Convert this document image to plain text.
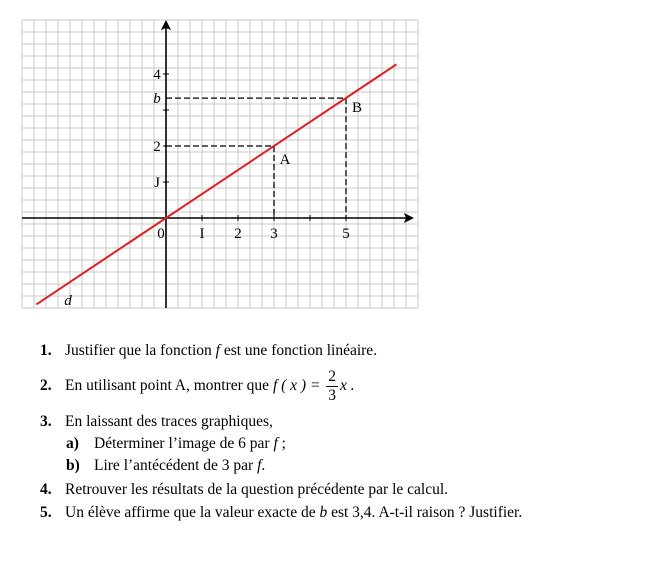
0 I 2 3	5
J
2
b
4
A
B
d
1. Justifier que la fonction f est une fonction linéaire.
2. En utilisant point A, montrer que f ( x ) = $\frac{2}{3}$ x .
3. En laissant des traces graphiques,
a) Déterminer l’image de 6 par f ;
b) Lire l’antécédent de 3 par f.
4. Retrouver les résultats de la question précédente par le calcul.
5. Un élève affirme que la valeur exacte de b est 3,4. A-t-il raison ? Justifier.
